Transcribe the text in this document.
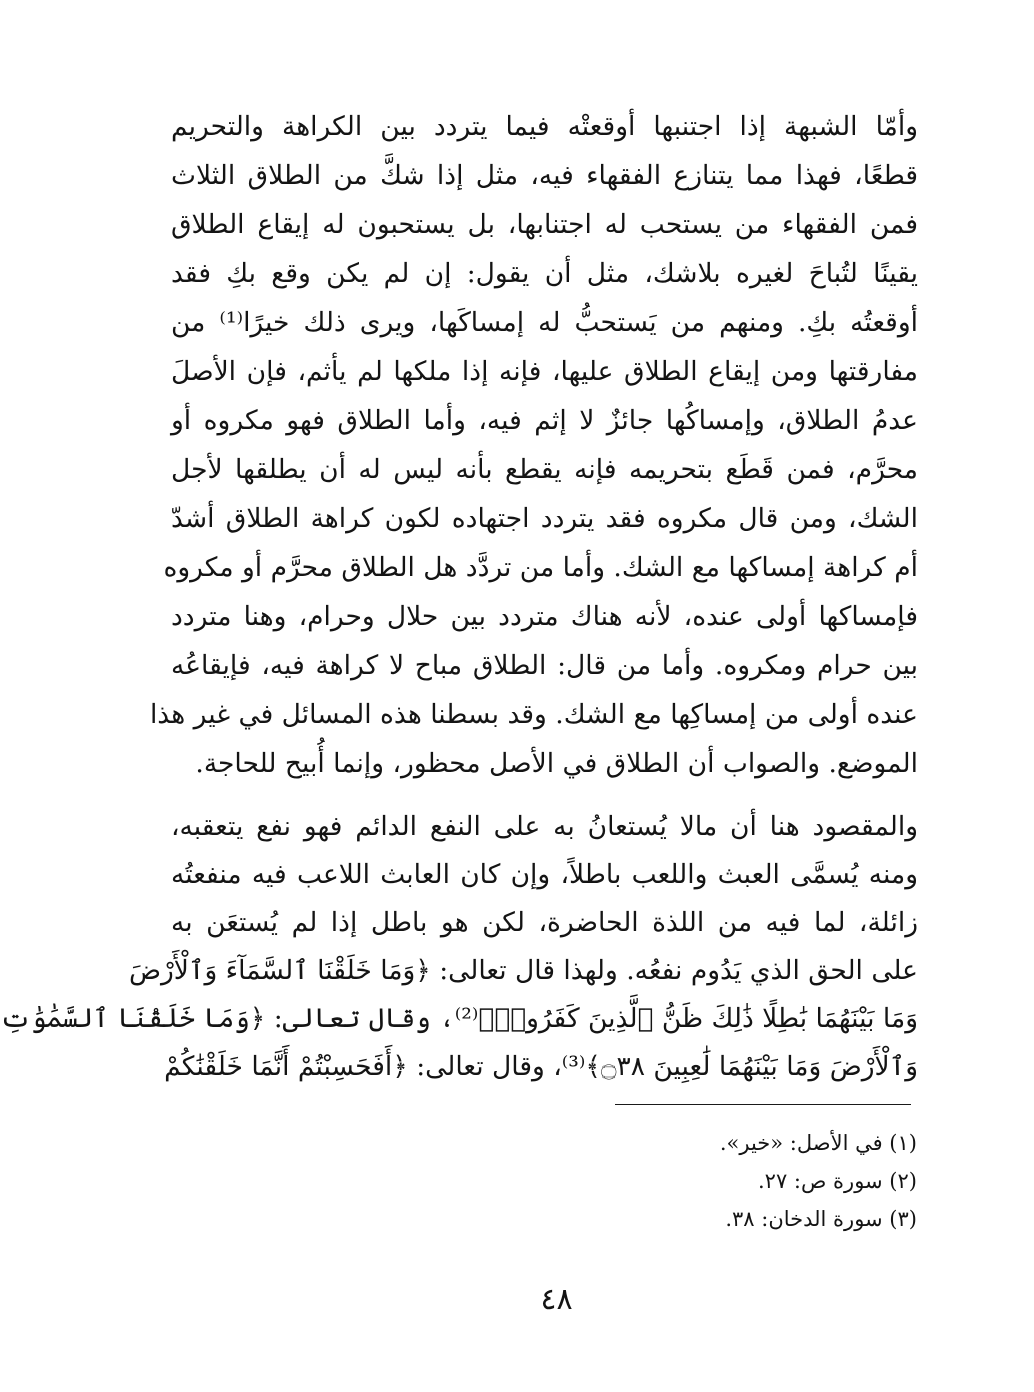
وأمّا الشبهة إذا اجتنبها أوقعتْه فيما يتردد بين الكراهة والتحريم
قطعًا، فهذا مما يتنازع الفقهاء فيه، مثل إذا شكَّ من الطلاق الثلاث
فمن الفقهاء من يستحب له اجتنابها، بل يستحبون له إيقاع الطلاق
يقينًا لتُباحَ لغيره بلاشك، مثل أن يقول: إن لم يكن وقع بكِ فقد
أوقعتُه بكِ. ومنهم من يَستحبُّ له إمساكَها، ويرى ذلك خيرًا⁽¹⁾ من
مفارقتها ومن إيقاع الطلاق عليها، فإنه إذا ملكها لم يأثم، فإن الأصلَ
عدمُ الطلاق، وإمساكُها جائزٌ لا إثم فيه، وأما الطلاق فهو مكروه أو
محرَّم، فمن قَطَع بتحريمه فإنه يقطع بأنه ليس له أن يطلقها لأجل
الشك، ومن قال مكروه فقد يتردد اجتهاده لكون كراهة الطلاق أشدّ
أم كراهة إمساكها مع الشك. وأما من تردَّد هل الطلاق محرَّم أو مكروه
فإمساكها أولى عنده، لأنه هناك متردد بين حلال وحرام، وهنا متردد
بين حرام ومكروه. وأما من قال: الطلاق مباح لا كراهة فيه، فإيقاعُه
عنده أولى من إمساكِها مع الشك. وقد بسطنا هذه المسائل في غير هذا
الموضع. والصواب أن الطلاق في الأصل محظور، وإنما أُبيح للحاجة.
والمقصود هنا أن مالا يُستعانُ به على النفع الدائم فهو نفع يتعقبه،
ومنه يُسمَّى العبث واللعب باطلاً، وإن كان العابث اللاعب فيه منفعتُه
زائلة، لما فيه من اللذة الحاضرة، لكن هو باطل إذا لم يُستعَن به
على الحق الذي يَدُوم نفعُه. ولهذا قال تعالى: ﴿وَمَا خَلَقْنَا ٱلسَّمَآءَ وَٱلْأَرْضَ
وَمَا بَيْنَهُمَا بَٰطِلًا ذَٰلِكَ ظَنُّ ٱلَّذِينَ كَفَرُوا۟﴾⁽²⁾، وقال تعالى: ﴿وَمَا خَلَقْنَا ٱلسَّمَٰوَٰتِ
وَٱلْأَرْضَ وَمَا بَيْنَهُمَا لَٰعِبِينَ ۝٣٨﴾⁽³⁾، وقال تعالى: ﴿أَفَحَسِبْتُمْ أَنَّمَا خَلَقْنَٰكُمْ
(١) في الأصل: «خير».
(٢) سورة ص: ٢٧.
(٣) سورة الدخان: ٣٨.
٤٨
